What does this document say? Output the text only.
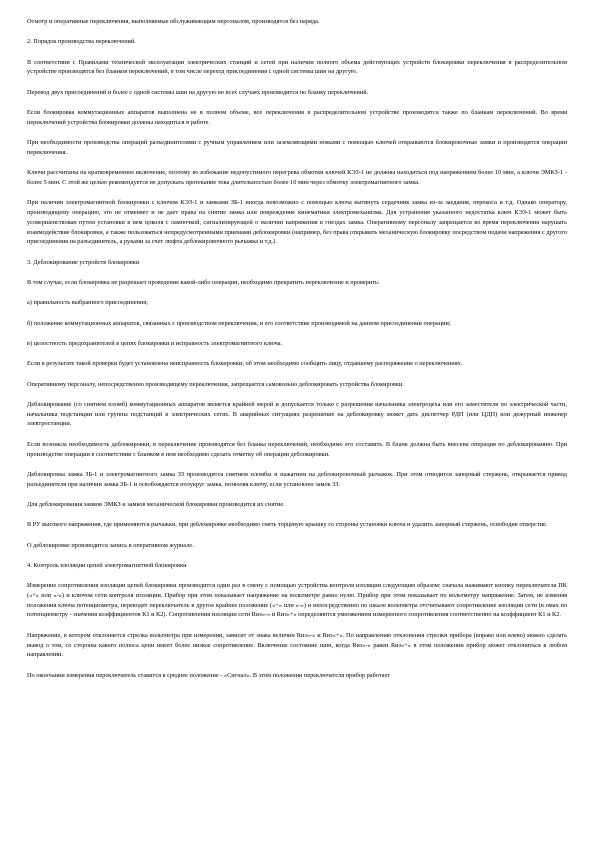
Осмотр и оперативные переключения, выполняемые обслуживающим персоналом, производятся без наряда.

2. Порядок производства переключений.

В соответствии с Правилами технической эксплуатации электрических станций и сетей при наличии полного объема действующих устройств блокировки переключения в распределительном устройстве производятся без бланков переключений, в том числе переход присоединения с одной системы шин на другую.

Перевод двух присоединений и более с одной системы шин на другую во всех случаях производится по бланку переключений.

Если блокировка коммутационных аппаратов выполнена не в полном объеме, все переключения в распределительном устройстве производятся также по бланкам переключений. Во время переключений устройства блокировки должны находиться в работе.

При необходимости производства операций разъединителями с ручным управлением или заземляющими ножами с помощью ключей открываются блокировочные замки и производятся операции переключения.

Ключи рассчитаны на кратковременное включение, поэтому во избежание недопустимого перегрева обмотки ключей КЭЗ-1 не должны находиться под напряжением более 10 мин, а ключи ЭМКЗ-1 - более 5 мин. С этой же целью рекомендуется не допускать протекание тока длительностью более 10 мин через обмотку электромагнитного замка.

При наличии электромагнитной блокировки с ключом КЭЗ-1 и замками ЗБ-1 иногда невозможно с помощью ключа вытянуть сердечник замка из-за заедания, перекоса и т.д. Однако оператору, производящему операцию, это не отменяет и не дает права на снятие замка или повреждение кинематики электромеханизма. Для устранения указанного недостатка ключ КЭЗ-1 может быть усовершенствован путем установки в нем цоколя с лампочкой, сигнализирующей о наличии напряжения в гнездах замка. Оперативному персоналу запрещается во время переключения нарушать взаимодействие блокировки, а также пользоваться непредусмотренными приемами деблокировки (например, без права открывать механическую блокировку посредством подачи напряжения с другого присоединения на разъединитель, а руками за счет люфта деблокировочного рычажка и т.д.).

3. Деблокирование устройств блокировки

В том случае, если блокировка не разрешает проведение какой-либо операции, необходимо прекратить переключение и проверить:

а) правильность выбранного присоединения;

б) положение коммутационных аппаратов, связанных с производством переключения, и его соответствие производимой на данном присоединении операции;

в) целостность предохранителей в цепях блокировки и исправность электромагнитного ключа.

Если в результате такой проверки будет установлена неисправность блокировки, об этом необходимо сообщить лицу, отдавшему распоряжение о переключениях.

Оперативному персоналу, непосредственно производящему переключения, запрещается самовольно деблокировать устройства блокировки.

Деблокирование (со снятием пломб) коммутационных аппаратов является крайней мерой и допускается только с разрешения начальника электроцеха или его заместителя по электрической части, начальника подстанции или группы подстанций в электрических сетях. В аварийных ситуациях разрешение на деблокировку может дать диспетчер РДП (или ЦДП) или дежурный инженер электростанции.

Если возникла необходимость деблокировки, в переключение производятся без бланка переключений, необходимо его составить. В бланк должна быть внесена операция по деблокированию. При производстве операции в соответствии с бланком в нем необходимо сделать отметку об операции деблокировки.

Деблокировка замка ЗБ-1 и электромагнитного замка ЗЗ производится снятием пломбы и нажатием на деблокировочный рычажок. При этом отводится запорный стержень, открывается привод разъединителя при наличии замка ЗБ-1 и освобождается полукруг замка, позволяя ключу, если установлен замок ЗЗ.

Для деблокирования замков ЭМКЗ и замков механической блокировки производится их снятие.

В РУ высокого напряжения, где применяются рычажки, при деблокировке необходимо снять торцевую крышку со стороны установки ключа и удалить запорный стержень, освободив отверстие.

О деблокировке производится запись в оперативном журнале.

4. Контроль изоляции цепей электромагнитной блокировки

Измерение сопротивления изоляции цепей блокировки производится один раз в смену с помощью устройства контроля изоляции следующим образом: сначала нажимают кнопку переключателя ПК («+» или «-») и ключом сети контроля изоляции. Прибор при этом показывает напряжение на вольтметре равно нулю. Прибор при этом показывает по вольтметру напряжение. Затем, не изменяя положения ключа потенциометра, переводят переключатель в другое крайнее положение («+» или «-») и непосредственно по шкале вольтметра отсчитывают сопротивление изоляции сети (в омах по потенциометру - значения коэффициентов К1 и К2). Сопротивления изоляции сети Rиз«-» и Rиз«+» определяются умножением измеренного сопротивления соответственно на коэффициент К1 и К2.

Напряжение, в котором отклоняется стрелка вольтметра при измерении, зависит от знака величин Rиз«-» и Rиз«+». По направлению отклонения стрелки прибора (вправо или влево) можно сделать вывод о том, со стороны какого полюса цепи имеет более низкое сопротивление. Включение состояние шин, когда Rиз«-» равен Rиз«+» в этом положении прибор может отклониться в любом направлении.

По окончании измерения переключатель ставится в среднее положение - «Сигнал». В этом положении переключателя прибор работает
